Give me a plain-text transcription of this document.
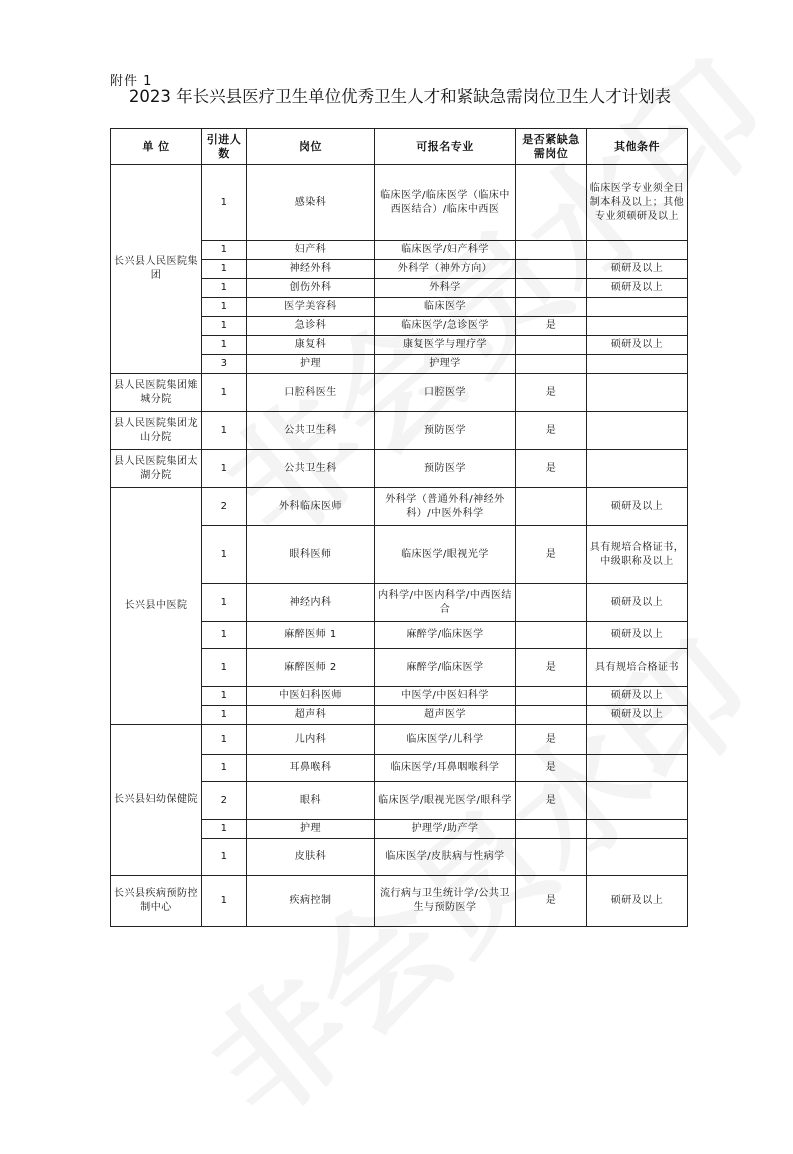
附件 1
2023 年长兴县医疗卫生单位优秀卫生人才和紧缺急需岗位卫生人才计划表
单 位	引进人数	岗位	可报名专业	是否紧缺急需岗位	其他条件
长兴县人民医院集团	1	感染科	临床医学/临床医学（临床中西医结合）/临床中西医		临床医学专业须全日制本科及以上；其他专业须硕研及以上
	1	妇产科	临床医学/妇产科学		
	1	神经外科	外科学（神外方向）		硕研及以上
	1	创伤外科	外科学		硕研及以上
	1	医学美容科	临床医学		
	1	急诊科	临床医学/急诊医学	是	
	1	康复科	康复医学与理疗学		硕研及以上
	3	护理	护理学		
县人民医院集团雉城分院	1	口腔科医生	口腔医学	是	
县人民医院集团龙山分院	1	公共卫生科	预防医学	是	
县人民医院集团太湖分院	1	公共卫生科	预防医学	是	
长兴县中医院	2	外科临床医师	外科学（普通外科/神经外科）/中医外科学		硕研及以上
	1	眼科医师	临床医学/眼视光学	是	具有规培合格证书，中级职称及以上
	1	神经内科	内科学/中医内科学/中西医结合		硕研及以上
	1	麻醉医师 1	麻醉学/临床医学		硕研及以上
	1	麻醉医师 2	麻醉学/临床医学	是	具有规培合格证书
	1	中医妇科医师	中医学/中医妇科学		硕研及以上
	1	超声科	超声医学		硕研及以上
长兴县妇幼保健院	1	儿内科	临床医学/儿科学	是	
	1	耳鼻喉科	临床医学/耳鼻咽喉科学	是	
	2	眼科	临床医学/眼视光医学/眼科学	是	
	1	护理	护理学/助产学		
	1	皮肤科	临床医学/皮肤病与性病学		
长兴县疾病预防控制中心	1	疾病控制	流行病与卫生统计学/公共卫生与预防医学	是	硕研及以上
